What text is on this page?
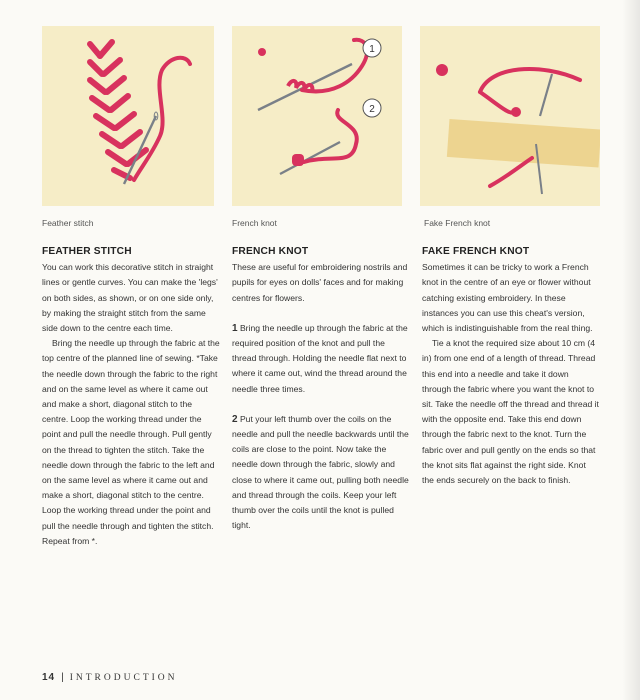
1
2
Feather stitch	French knot	Fake French knot
FEATHER STITCH

You can work this decorative stitch in straight lines or gentle curves. You can make the 'legs' on both sides, as shown, or on one side only, by making the straight stitch from the same side down to the centre each time.

Bring the needle up through the fabric at the top centre of the planned line of sewing. *Take the needle down through the fabric to the right and on the same level as where it came out and make a short, diagonal stitch to the centre. Loop the working thread under the point and pull the needle through. Pull gently on the thread to tighten the stitch. Take the needle down through the fabric to the left and on the same level as where it came out and make a short, diagonal stitch to the centre. Loop the working thread under the point and pull the needle through and tighten the stitch.

Repeat from *.

FRENCH KNOT

These are useful for embroidering nostrils and pupils for eyes on dolls' faces and for making centres for flowers.

1 Bring the needle up through the fabric at the required position of the knot and pull the thread through. Holding the needle flat next to where it came out, wind the thread around the needle three times.

2 Put your left thumb over the coils on the needle and pull the needle backwards until the coils are close to the point. Now take the needle down through the fabric, slowly and close to where it came out, pulling both needle and thread through the coils. Keep your left thumb over the coils until the knot is pulled tight.

FAKE FRENCH KNOT

Sometimes it can be tricky to work a French knot in the centre of an eye or flower without catching existing embroidery. In these instances you can use this cheat's version, which is indistinguishable from the real thing.

Tie a knot the required size about 10 cm (4 in) from one end of a length of thread. Thread this end into a needle and take it down through the fabric where you want the knot to sit. Take the needle off the thread and thread it with the opposite end. Take this end down through the fabric next to the knot. Turn the fabric over and pull gently on the ends so that the knot sits flat against the right side. Knot the ends securely on the back to finish.

14 | INTRODUCTION
